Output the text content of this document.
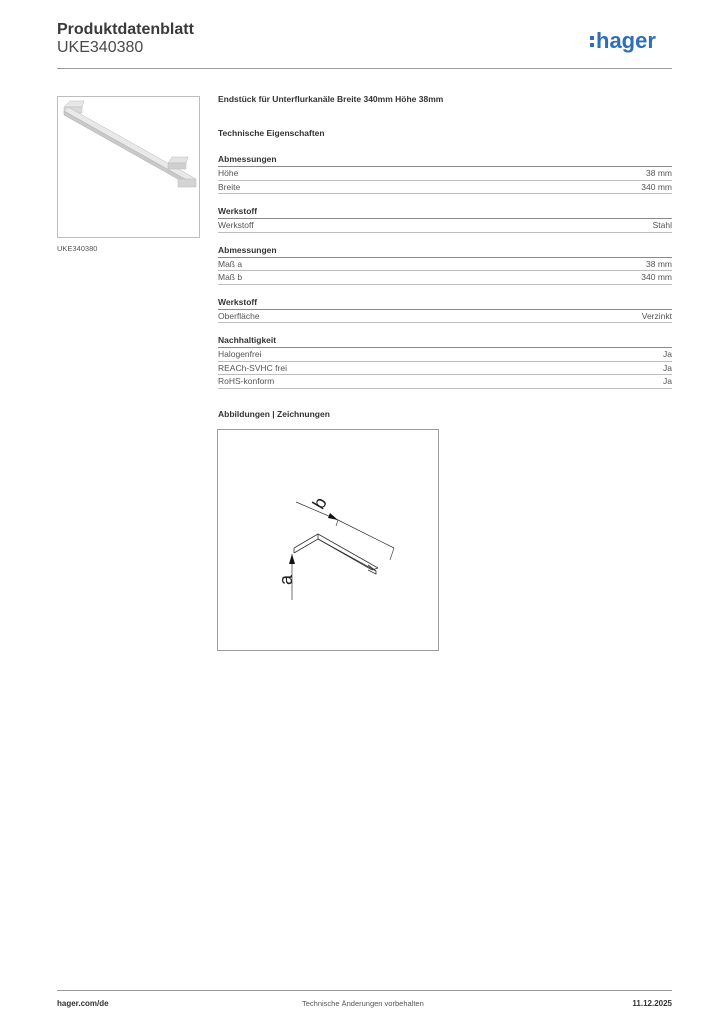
Produktdatenblatt
UKE340380	hager
UKE340380
Endstück für Unterflurkanäle Breite 340mm Höhe 38mm
Technische Eigenschaften
Abmessungen
Höhe	38 mm
Breite	340 mm
Werkstoff
Werkstoff	Stahl
Abmessungen
Maß a	38 mm
Maß b	340 mm
Werkstoff
Oberfläche	Verzinkt
Nachhaltigkeit
Halogenfrei	Ja
REACh-SVHC frei	Ja
RoHS-konform	Ja
Abbildungen | Zeichnungen
b
a
hager.com/de	Technische Änderungen vorbehalten	11.12.2025
